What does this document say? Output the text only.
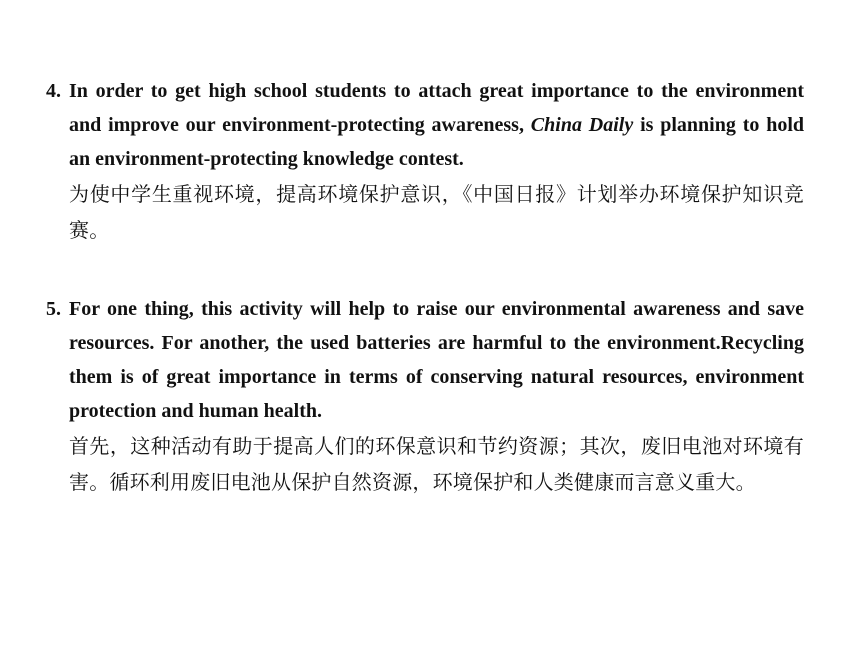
4. In order to get high school students to attach great importance to the environment and improve our environment-protecting awareness, China Daily is planning to hold an environment-protecting knowledge contest.
为使中学生重视环境，提高环境保护意识，《中国日报》计划举办环境保护知识竞赛。
5. For one thing, this activity will help to raise our environmental awareness and save resources. For another, the used batteries are harmful to the environment.Recycling them is of great importance in terms of conserving natural resources, environment protection and human health.
首先，这种活动有助于提高人们的环保意识和节约资源；其次，废旧电池对环境有害。循环利用废旧电池从保护自然资源，环境保护和人类健康而言意义重大。
